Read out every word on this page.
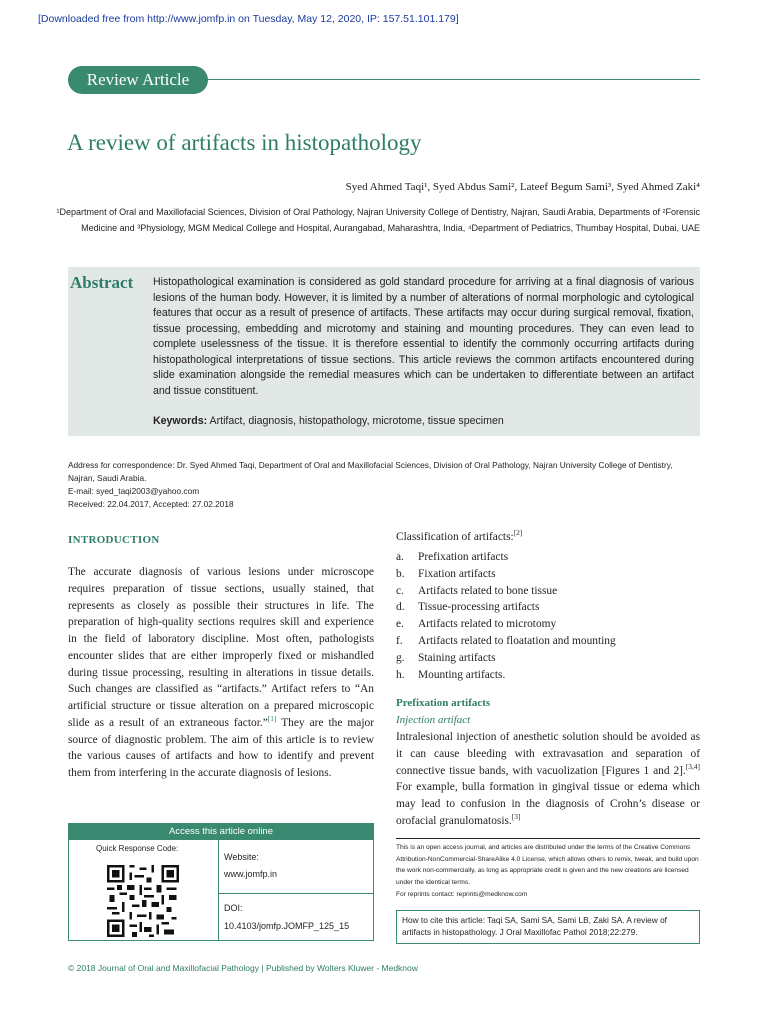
[Downloaded free from http://www.jomfp.in on Tuesday, May 12, 2020, IP: 157.51.101.179]
Review Article
A review of artifacts in histopathology
Syed Ahmed Taqi¹, Syed Abdus Sami², Lateef Begum Sami³, Syed Ahmed Zaki⁴
¹Department of Oral and Maxillofacial Sciences, Division of Oral Pathology, Najran University College of Dentistry, Najran, Saudi Arabia, Departments of ²Forensic Medicine and ³Physiology, MGM Medical College and Hospital, Aurangabad, Maharashtra, India, ⁴Department of Pediatrics, Thumbay Hospital, Dubai, UAE
Abstract Histopathological examination is considered as gold standard procedure for arriving at a final diagnosis of various lesions of the human body. However, it is limited by a number of alterations of normal morphologic and cytological features that occur as a result of presence of artifacts. These artifacts may occur during surgical removal, fixation, tissue processing, embedding and microtomy and staining and mounting procedures. They can even lead to complete uselessness of the tissue. It is therefore essential to identify the commonly occurring artifacts during histopathological interpretations of tissue sections. This article reviews the common artifacts encountered during slide examination alongside the remedial measures which can be undertaken to differentiate between an artifact and tissue constituent.
Keywords: Artifact, diagnosis, histopathology, microtome, tissue specimen
Address for correspondence: Dr. Syed Ahmed Taqi, Department of Oral and Maxillofacial Sciences, Division of Oral Pathology, Najran University College of Dentistry, Najran, Saudi Arabia.
E-mail: syed_taqi2003@yahoo.com
Received: 22.04.2017, Accepted: 27.02.2018
INTRODUCTION
The accurate diagnosis of various lesions under microscope requires preparation of tissue sections, usually stained, that represents as closely as possible their structures in life. The preparation of high-quality sections requires skill and experience in the field of laboratory discipline. Most often, pathologists encounter slides that are either improperly fixed or mishandled during tissue processing, resulting in alterations in tissue details. Such changes are classified as “artifacts.” Artifact refers to “An artificial structure or tissue alteration on a prepared microscopic slide as a result of an extraneous factor.”[1] They are the major source of diagnostic problem. The aim of this article is to review the various causes of artifacts and how to identify and prevent them from interfering in the accurate diagnosis of lesions.
Classification of artifacts:[2]
a. Prefixation artifacts
b. Fixation artifacts
c. Artifacts related to bone tissue
d. Tissue-processing artifacts
e. Artifacts related to microtomy
f. Artifacts related to floatation and mounting
g. Staining artifacts
h. Mounting artifacts.
Prefixation artifacts
Injection artifact
Intralesional injection of anesthetic solution should be avoided as it can cause bleeding with extravasation and separation of connective tissue bands, with vacuolization [Figures 1 and 2].[3,4] For example, bulla formation in gingival tissue or edema which may lead to confusion in the diagnosis of Crohn’s disease or orofacial granulomatosis.[3]
Access this article online
Quick Response Code:
Website:
www.jomfp.in
DOI:
10.4103/jomfp.JOMFP_125_15
This is an open access journal, and articles are distributed under the terms of the Creative Commons Attribution-NonCommercial-ShareAlike 4.0 License, which allows others to remix, tweak, and build upon the work non-commercially, as long as appropriate credit is given and the new creations are licensed under the identical terms.
For reprints contact: reprints@medknow.com
How to cite this article: Taqi SA, Sami SA, Sami LB, Zaki SA. A review of artifacts in histopathology. J Oral Maxillofac Pathol 2018;22:279.
© 2018 Journal of Oral and Maxillofacial Pathology | Published by Wolters Kluwer - Medknow
